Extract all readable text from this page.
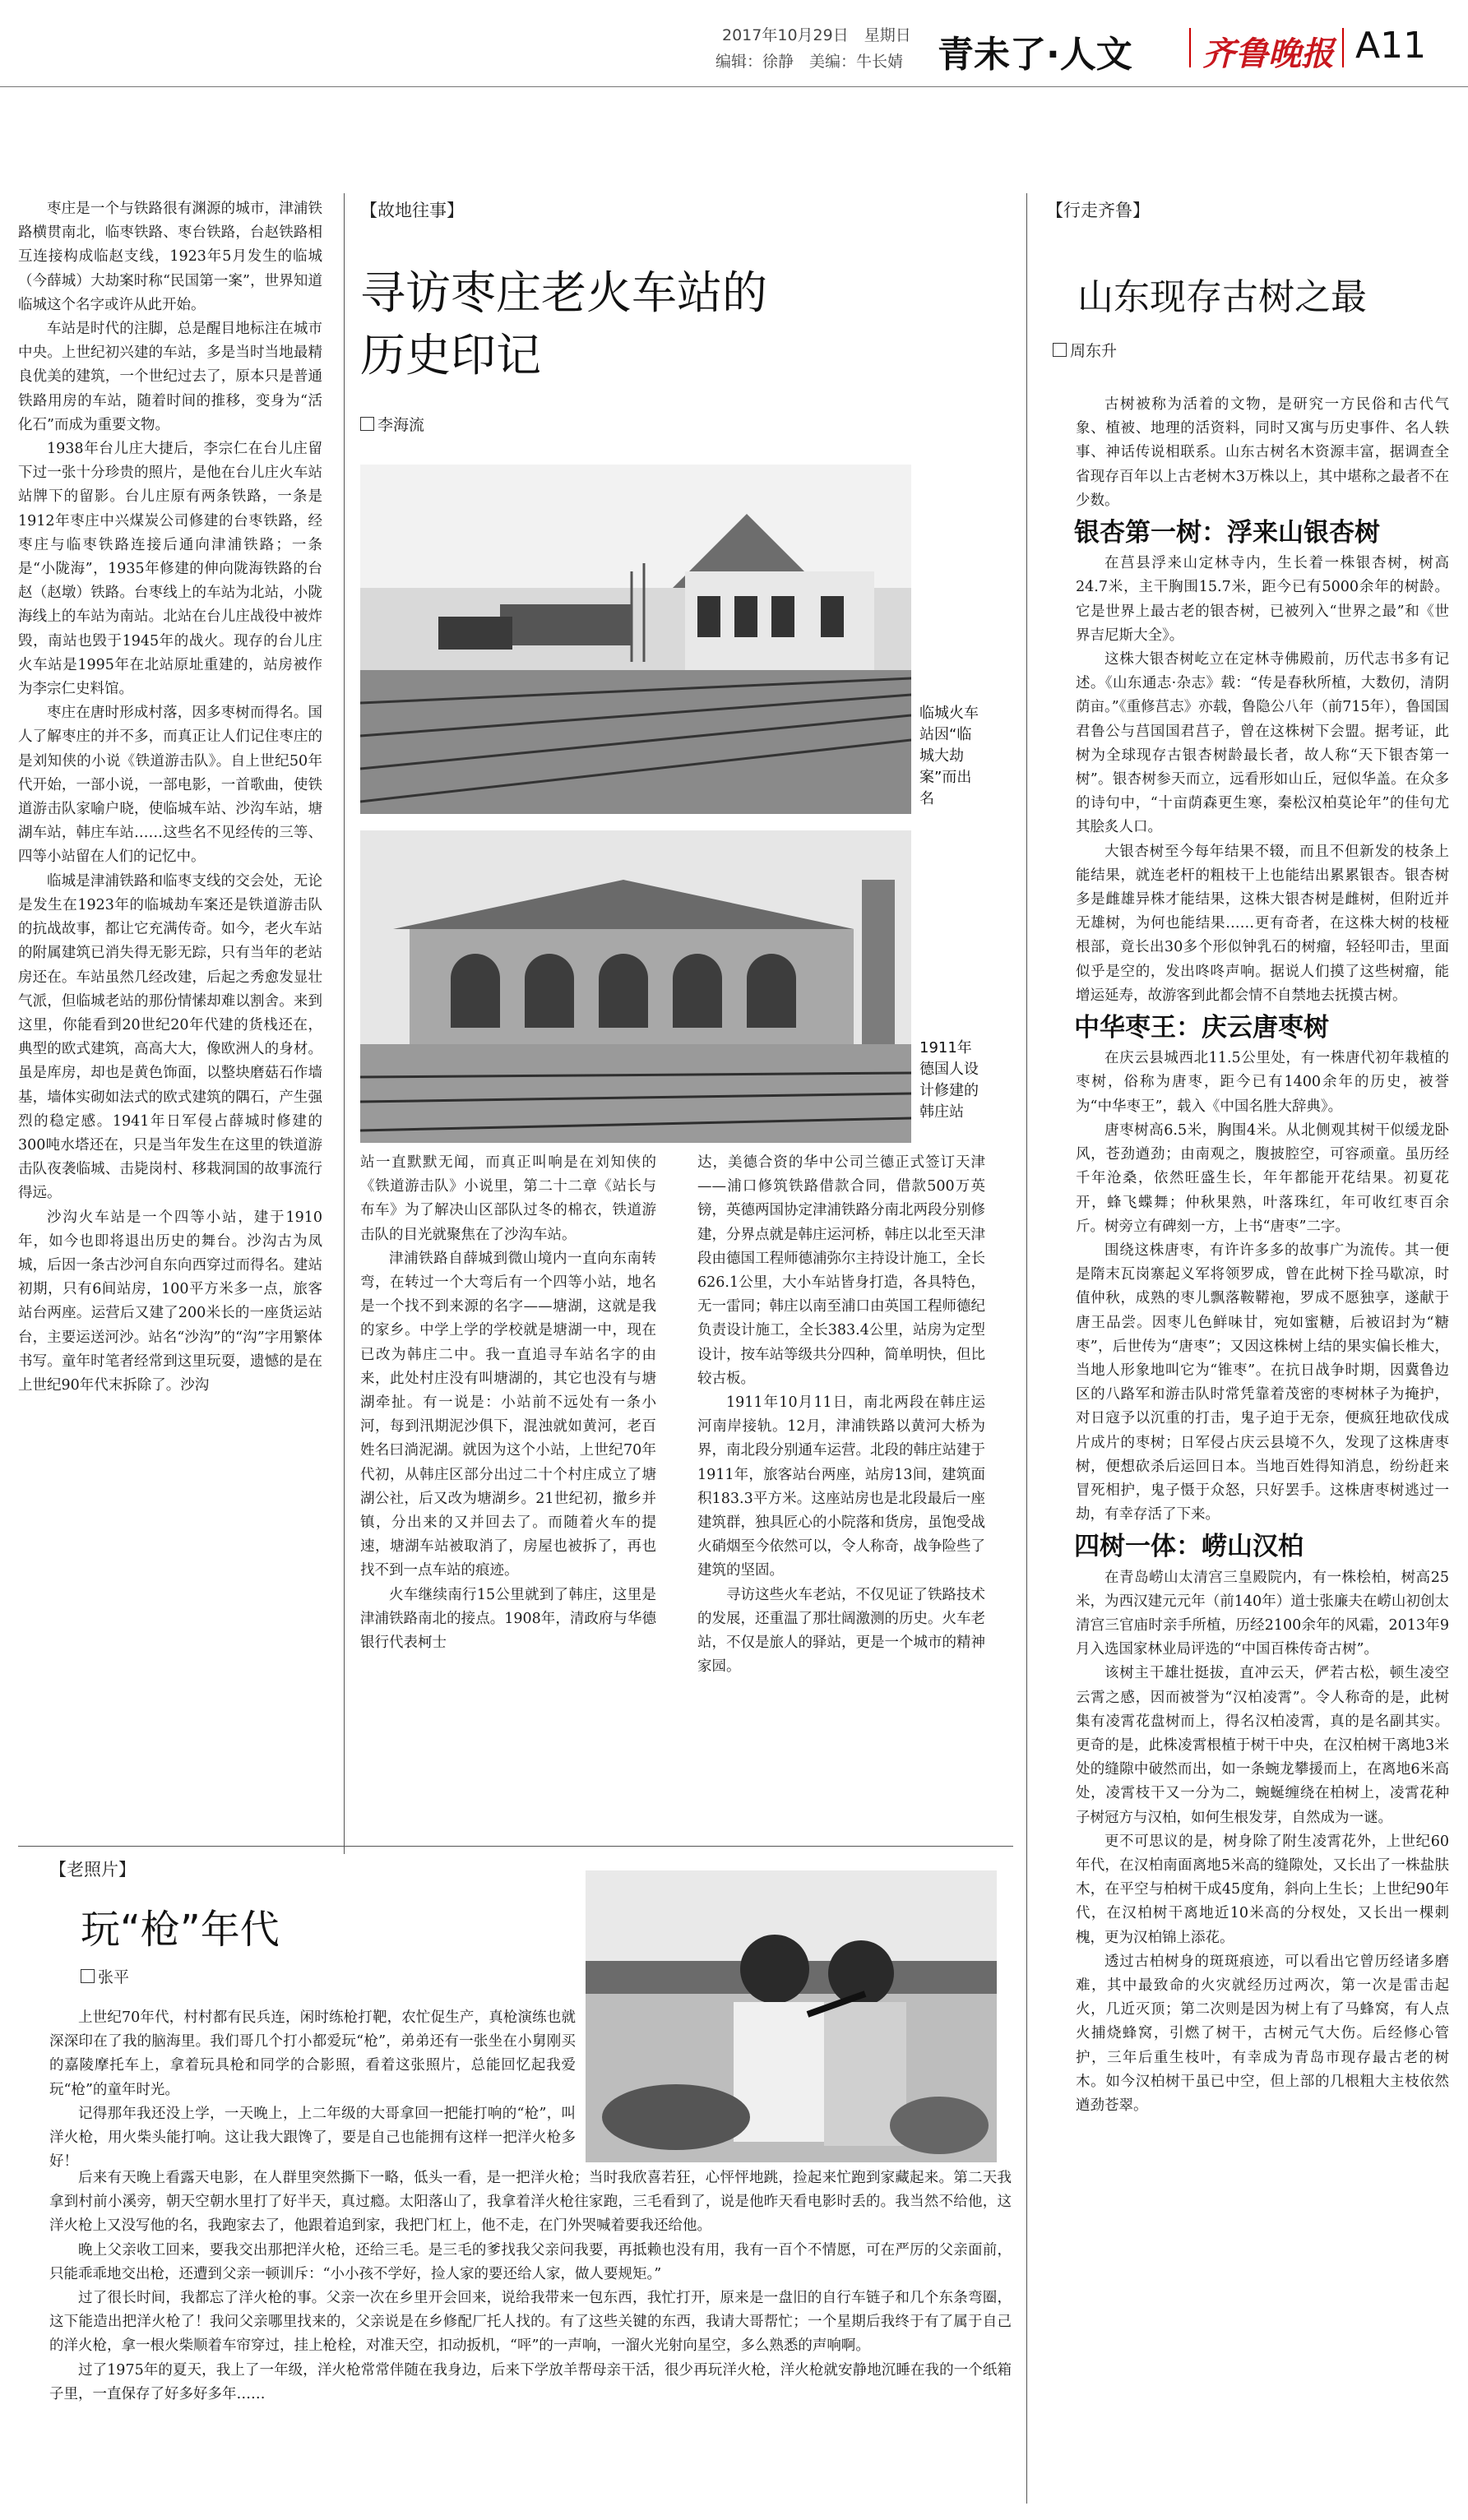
2017年10月29日　星期日
编辑：徐静　美编：牛长婧 青未了·人文 齐鲁晚报 A11

枣庄是一个与铁路很有渊源的城市，津浦铁路横贯南北，临枣铁路、枣台铁路，台赵铁路相互连接构成临赵支线，1923年5月发生的临城（今薛城）大劫案时称“民国第一案”，世界知道临城这个名字或许从此开始。

车站是时代的注脚，总是醒目地标注在城市中央。上世纪初兴建的车站，多是当时当地最精良优美的建筑，一个世纪过去了，原本只是普通铁路用房的车站，随着时间的推移，变身为“活化石”而成为重要文物。

1938年台儿庄大捷后，李宗仁在台儿庄留下过一张十分珍贵的照片，是他在台儿庄火车站站牌下的留影。台儿庄原有两条铁路，一条是1912年枣庄中兴煤炭公司修建的台枣铁路，经枣庄与临枣铁路连接后通向津浦铁路；一条是“小陇海”，1935年修建的伸向陇海铁路的台赵（赵墩）铁路。台枣线上的车站为北站，小陇海线上的车站为南站。北站在台儿庄战役中被炸毁，南站也毁于1945年的战火。现存的台儿庄火车站是1995年在北站原址重建的，站房被作为李宗仁史料馆。

枣庄在唐时形成村落，因多枣树而得名。国人了解枣庄的并不多，而真正让人们记住枣庄的是刘知侠的小说《铁道游击队》。自上世纪50年代开始，一部小说，一部电影，一首歌曲，使铁道游击队家喻户晓，使临城车站、沙沟车站，塘湖车站，韩庄车站……这些名不见经传的三等、四等小站留在人们的记忆中。

临城是津浦铁路和临枣支线的交会处，无论是发生在1923年的临城劫车案还是铁道游击队的抗战故事，都让它充满传奇。如今，老火车站的附属建筑已消失得无影无踪，只有当年的老站房还在。车站虽然几经改建，后起之秀愈发显壮气派，但临城老站的那份情愫却难以割舍。来到这里，你能看到20世纪20年代建的货栈还在，典型的欧式建筑，高高大大，像欧洲人的身材。虽是库房，却也是黄色饰面，以整块磨菇石作墙基，墙体实砌如法式的欧式建筑的隅石，产生强烈的稳定感。1941年日军侵占薛城时修建的300吨水塔还在，只是当年发生在这里的铁道游击队夜袭临城、击毙岗村、移栽洞国的故事流行得远。

沙沟火车站是一个四等小站，建于1910年，如今也即将退出历史的舞台。沙沟古为凤城，后因一条古沙河自东向西穿过而得名。建站初期，只有6间站房，100平方米多一点，旅客站台两座。运营后又建了200米长的一座货运站台，主要运送河沙。站名“沙沟”的“沟”字用繁体书写。童年时笔者经常到这里玩耍，遗憾的是在上世纪90年代末拆除了。沙沟

【故地往事】
寻访枣庄老火车站的
历史印记
李海流
临城火车站因“临城大劫案”而出名
1911年德国人设计修建的韩庄站

站一直默默无闻，而真正叫响是在刘知侠的《铁道游击队》小说里，第二十二章《站长与布车》为了解决山区部队过冬的棉衣，铁道游击队的目光就聚焦在了沙沟车站。

津浦铁路自薛城到微山境内一直向东南转弯，在转过一个大弯后有一个四等小站，地名是一个找不到来源的名字——塘湖，这就是我的家乡。中学上学的学校就是塘湖一中，现在已改为韩庄二中。我一直追寻车站名字的由来，此处村庄没有叫塘湖的，其它也没有与塘湖牵扯。有一说是：小站前不远处有一条小河，每到汛期泥沙俱下，混浊就如黄河，老百姓名曰淌泥湖。就因为这个小站，上世纪70年代初，从韩庄区部分出过二十个村庄成立了塘湖公社，后又改为塘湖乡。21世纪初，撤乡并镇，分出来的又并回去了。而随着火车的提速，塘湖车站被取消了，房屋也被拆了，再也找不到一点车站的痕迹。

火车继续南行15公里就到了韩庄，这里是津浦铁路南北的接点。1908年，清政府与华德银行代表柯士

达，美德合资的华中公司兰德正式签订天津——浦口修筑铁路借款合同，借款500万英镑，英德两国协定津浦铁路分南北两段分别修建，分界点就是韩庄运河桥，韩庄以北至天津段由德国工程师德浦弥尔主持设计施工，全长626.1公里，大小车站皆身打造，各具特色，无一雷同；韩庄以南至浦口由英国工程师德纪负责设计施工，全长383.4公里，站房为定型设计，按车站等级共分四种，简单明快，但比较古板。

1911年10月11日，南北两段在韩庄运河南岸接轨。12月，津浦铁路以黄河大桥为界，南北段分别通车运营。北段的韩庄站建于1911年，旅客站台两座，站房13间，建筑面积183.3平方米。这座站房也是北段最后一座建筑群，独具匠心的小院落和货房，虽饱受战火硝烟至今依然可以，令人称奇，战争险些了建筑的坚固。

寻访这些火车老站，不仅见证了铁路技术的发展，还重温了那壮阔激测的历史。火车老站，不仅是旅人的驿站，更是一个城市的精神家园。

【行走齐鲁】
山东现存古树之最
周东升

古树被称为活着的文物，是研究一方民俗和古代气象、植被、地理的活资料，同时又寓与历史事件、名人轶事、神话传说相联系。山东古树名木资源丰富，据调查全省现存百年以上古老树木3万株以上，其中堪称之最者不在少数。

银杏第一树：浮来山银杏树

在莒县浮来山定林寺内，生长着一株银杏树，树高24.7米，主干胸围15.7米，距今已有5000余年的树龄。它是世界上最古老的银杏树，已被列入“世界之最”和《世界吉尼斯大全》。

这株大银杏树屹立在定林寺佛殿前，历代志书多有记述。《山东通志·杂志》载：“传是春秋所植，大数仞，清阴荫亩。”《重修莒志》亦载，鲁隐公八年（前715年），鲁国国君鲁公与莒国国君莒子，曾在这株树下会盟。据考证，此树为全球现存古银杏树龄最长者，故人称“天下银杏第一树”。银杏树参天而立，远看形如山丘，冠似华盖。在众多的诗句中，“十亩荫森更生寒，秦松汉柏莫论年”的佳句尤其脍炙人口。

大银杏树至今每年结果不辍，而且不但新发的枝条上能结果，就连老杆的粗枝干上也能结出累累银杏。银杏树多是雌雄异株才能结果，这株大银杏树是雌树，但附近并无雄树，为何也能结果……更有奇者，在这株大树的枝桠根部，竟长出30多个形似钟乳石的树瘤，轻轻叩击，里面似乎是空的，发出咚咚声响。据说人们摸了这些树瘤，能增运延寿，故游客到此都会情不自禁地去抚摸古树。

中华枣王：庆云唐枣树

在庆云县城西北11.5公里处，有一株唐代初年栽植的枣树，俗称为唐枣，距今已有1400余年的历史，被誉为“中华枣王”，载入《中国名胜大辞典》。

唐枣树高6.5米，胸围4米。从北侧观其树干似缓龙卧风，苍劲遒劲；由南观之，腹披腔空，可容顽童。虽历经千年沧桑，依然旺盛生长，年年都能开花结果。初夏花开，蜂飞蝶舞；仲秋果熟，叶落珠红，年可收红枣百余斤。树旁立有碑刻一方，上书“唐枣”二字。

围绕这株唐枣，有许许多多的故事广为流传。其一便是隋末瓦岗寨起义军将领罗成，曾在此树下拴马歇凉，时值仲秋，成熟的枣儿飘落鞍鞯袍，罗成不愿独享，遂献于唐王品尝。因枣儿色鲜味甘，宛如蜜糖，后被诏封为“糖枣”，后世传为“唐枣”；又因这株树上结的果实偏长椎大，当地人形象地叫它为“锥枣”。在抗日战争时期，因冀鲁边区的八路军和游击队时常凭靠着茂密的枣树林子为掩护，对日寇予以沉重的打击，鬼子迫于无奈，便疯狂地砍伐成片成片的枣树；日军侵占庆云县境不久，发现了这株唐枣树，便想砍杀后运回日本。当地百姓得知消息，纷纷赶来冒死相护，鬼子慑于众怒，只好罢手。这株唐枣树逃过一劫，有幸存活了下来。

四树一体：崂山汉柏

在青岛崂山太清宫三皇殿院内，有一株桧柏，树高25米，为西汉建元元年（前140年）道士张廉夫在崂山初创太清宫三官庙时亲手所植，历经2100余年的风霜，2013年9月入选国家林业局评选的“中国百株传奇古树”。

该树主干雄壮挺拔，直冲云天，俨若古松，顿生凌空云霄之感，因而被誉为“汉柏凌霄”。令人称奇的是，此树集有凌霄花盘树而上，得名汉柏凌霄，真的是名副其实。更奇的是，此株凌霄根植于树干中央，在汉柏树干离地3米处的缝隙中破然而出，如一条蜿龙攀援而上，在离地6米高处，凌霄枝干又一分为二，蜿蜒缠绕在柏树上，凌霄花种子树冠方与汉柏，如何生根发芽，自然成为一谜。

更不可思议的是，树身除了附生凌霄花外，上世纪60年代，在汉柏南面离地5米高的缝隙处，又长出了一株盐肤木，在平空与柏树干成45度角，斜向上生长；上世纪90年代，在汉柏树干离地近10米高的分杈处，又长出一棵刺槐，更为汉柏锦上添花。

透过古柏树身的斑斑痕迹，可以看出它曾历经诸多磨难，其中最致命的火灾就经历过两次，第一次是雷击起火，几近灭顶；第二次则是因为树上有了马蜂窝，有人点火捕烧蜂窝，引燃了树干，古树元气大伤。后经修心管护，三年后重生枝叶，有幸成为青岛市现存最古老的树木。如今汉柏树干虽已中空，但上部的几根粗大主枝依然遒劲苍翠。

【老照片】
玩“枪”年代
张平

上世纪70年代，村村都有民兵连，闲时练枪打靶，农忙促生产，真枪演练也就深深印在了我的脑海里。我们哥几个打小都爱玩“枪”，弟弟还有一张坐在小舅刚买的嘉陵摩托车上，拿着玩具枪和同学的合影照，看着这张照片，总能回忆起我爱玩“枪”的童年时光。

记得那年我还没上学，一天晚上，上二年级的大哥拿回一把能打响的“枪”，叫洋火枪，用火柴头能打响。这让我大跟馋了，要是自己也能拥有这样一把洋火枪多好！

后来有天晚上看露天电影，在人群里突然撕下一略，低头一看，是一把洋火枪；当时我欣喜若狂，心怦怦地跳，捡起来忙跑到家藏起来。第二天我拿到村前小溪旁，朝天空朝水里打了好半天，真过瘾。太阳落山了，我拿着洋火枪往家跑，三毛看到了，说是他昨天看电影时丢的。我当然不给他，这洋火枪上又没写他的名，我跑家去了，他跟着追到家，我把门杠上，他不走，在门外哭喊着要我还给他。

晚上父亲收工回来，要我交出那把洋火枪，还给三毛。是三毛的爹找我父亲问我要，再抵赖也没有用，我有一百个不情愿，可在严厉的父亲面前，只能乖乖地交出枪，还遭到父亲一顿训斥：“小小孩不学好，捡人家的要还给人家，做人要规矩。”

过了很长时间，我都忘了洋火枪的事。父亲一次在乡里开会回来，说给我带来一包东西，我忙打开，原来是一盘旧的自行车链子和几个东条弯圈，这下能造出把洋火枪了！我问父亲哪里找来的，父亲说是在乡修配厂托人找的。有了这些关键的东西，我请大哥帮忙；一个星期后我终于有了属于自己的洋火枪，拿一根火柴顺着车帘穿过，挂上枪栓，对准天空，扣动扳机，“呯”的一声响，一溜火光射向星空，多么熟悉的声响啊。

过了1975年的夏天，我上了一年级，洋火枪常常伴随在我身边，后来下学放羊帮母亲干活，很少再玩洋火枪，洋火枪就安静地沉睡在我的一个纸箱子里，一直保存了好多好多年……
